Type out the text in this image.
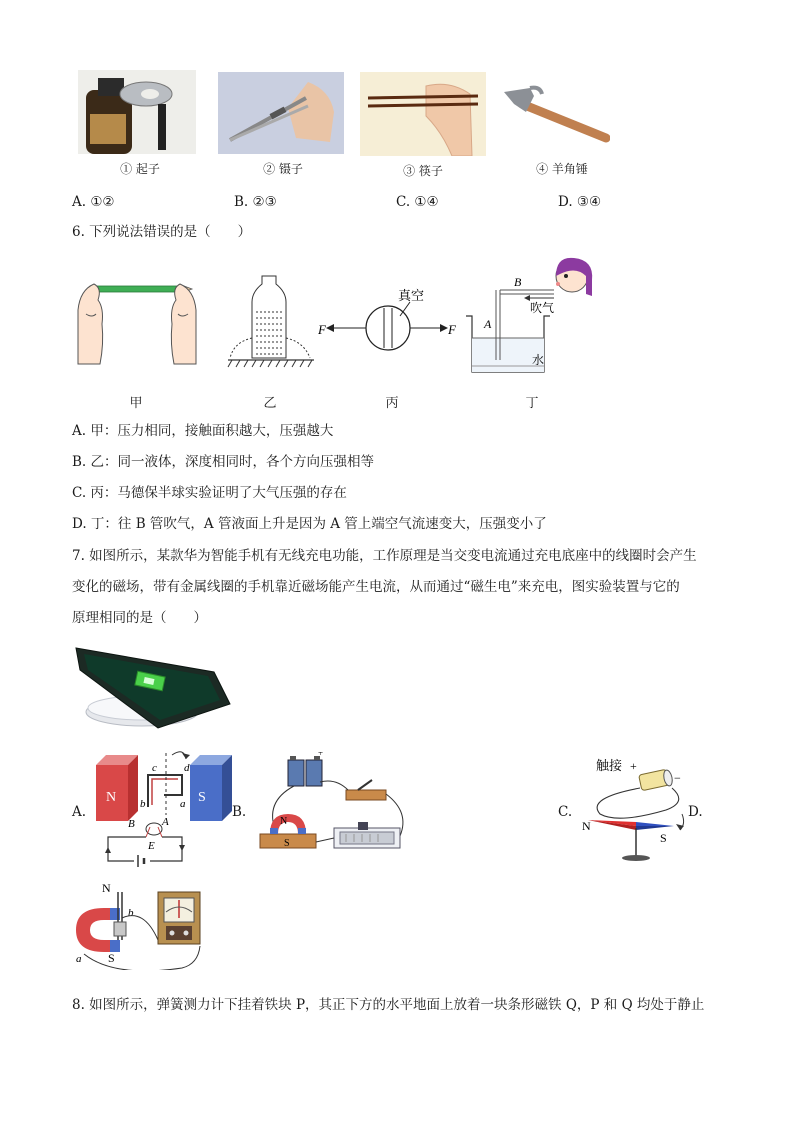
① 起子	② 镊子	③ 筷子	④ 羊角锤
A. ①②	B. ②③	C. ①④	D. ③④
6. 下列说法错误的是（　　）
甲	乙
F	F
真空
丙
B
A
吹气
水
丁
A. 甲：压力相同，接触面积越大，压强越大
B. 乙：同一液体，深度相同时，各个方向压强相等
C. 丙：马德保半球实验证明了大气压强的存在
D. 丁：往 B 管吹气，A 管液面上升是因为 A 管上端空气流速变大，压强变小了
7. 如图所示，某款华为智能手机有无线充电功能，工作原理是当交变电流通过充电底座中的线圈时会产生
变化的磁场，带有金属线圈的手机靠近磁场能产生电流，从而通过“磁生电”来充电，图实验装置与它的
原理相同的是（　　）
A.
N	S
c d
a
b
B A
E
B.
+
N
S
C.
触接 +
−
N
S
D.
N
b
a S
8. 如图所示，弹簧测力计下挂着铁块 P，其正下方的水平地面上放着一块条形磁铁 Q，P 和 Q 均处于静止
